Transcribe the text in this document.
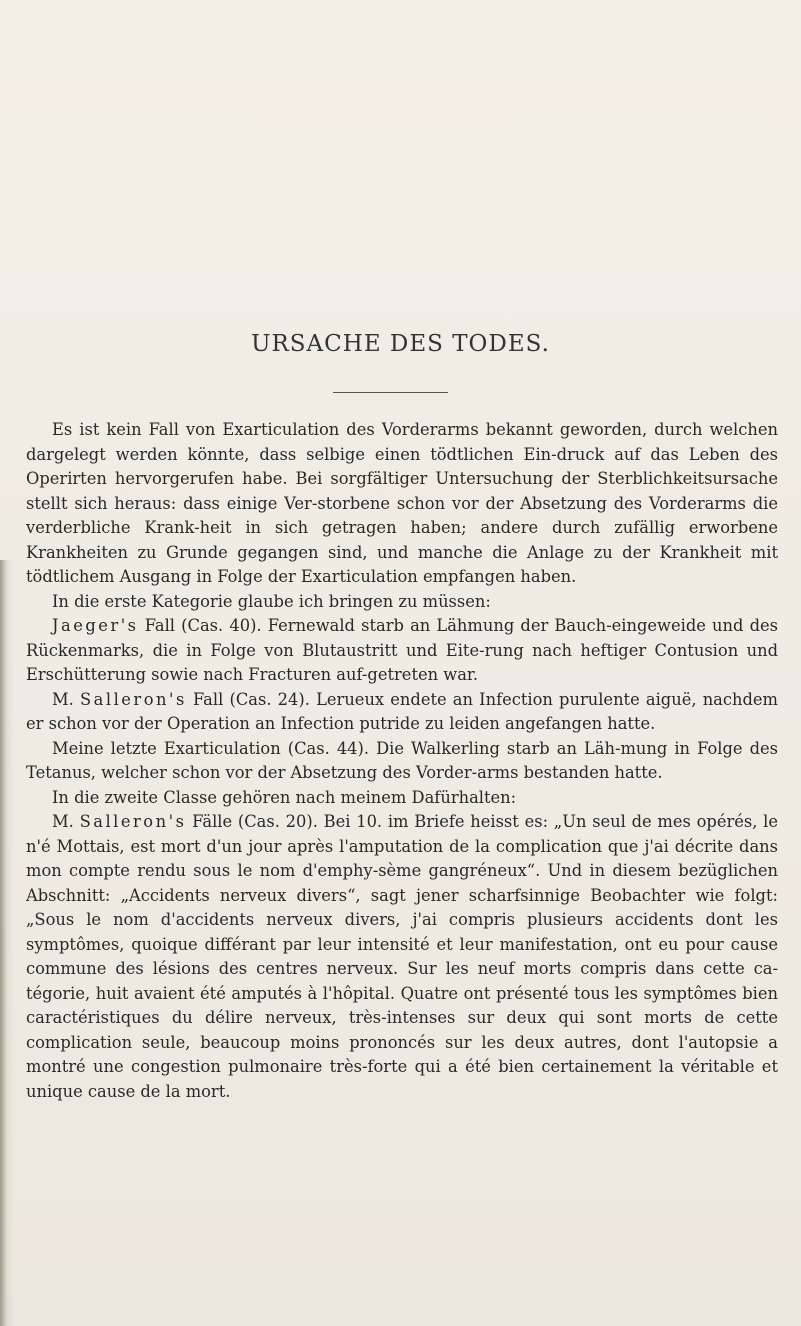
URSACHE DES TODES.

Es ist kein Fall von Exarticulation des Vorderarms bekannt geworden, durch welchen dargelegt werden könnte, dass selbige einen tödtlichen Ein-druck auf das Leben des Operirten hervorgerufen habe. Bei sorgfältiger Untersuchung der Sterblichkeitsursache stellt sich heraus: dass einige Ver-storbene schon vor der Absetzung des Vorderarms die verderbliche Krank-heit in sich getragen haben; andere durch zufällig erworbene Krankheiten zu Grunde gegangen sind, und manche die Anlage zu der Krankheit mit tödtlichem Ausgang in Folge der Exarticulation empfangen haben.

In die erste Kategorie glaube ich bringen zu müssen:

Jaeger's Fall (Cas. 40). Fernewald starb an Lähmung der Bauch-eingeweide und des Rückenmarks, die in Folge von Blutaustritt und Eite-rung nach heftiger Contusion und Erschütterung sowie nach Fracturen auf-getreten war.

M. Salleron's Fall (Cas. 24). Lerueux endete an Infection purulente aiguë, nachdem er schon vor der Operation an Infection putride zu leiden angefangen hatte.

Meine letzte Exarticulation (Cas. 44). Die Walkerling starb an Läh-mung in Folge des Tetanus, welcher schon vor der Absetzung des Vorder-arms bestanden hatte.

In die zweite Classe gehören nach meinem Dafürhalten:

M. Salleron's Fälle (Cas. 20). Bei 10. im Briefe heisst es: „Un seul de mes opérés, le n'é Mottais, est mort d'un jour après l'amputation de la complication que j'ai décrite dans mon compte rendu sous le nom d'emphy-sème gangréneux“. Und in diesem bezüglichen Abschnitt: „Accidents nerveux divers“, sagt jener scharfsinnige Beobachter wie folgt: „Sous le nom d'accidents nerveux divers, j'ai compris plusieurs accidents dont les symptômes, quoique différant par leur intensité et leur manifestation, ont eu pour cause commune des lésions des centres nerveux. Sur les neuf morts compris dans cette ca-tégorie, huit avaient été amputés à l'hôpital. Quatre ont présenté tous les symptômes bien caractéristiques du délire nerveux, très-intenses sur deux qui sont morts de cette complication seule, beaucoup moins prononcés sur les deux autres, dont l'autopsie a montré une congestion pulmonaire très-forte qui a été bien certainement la véritable et unique cause de la mort.
